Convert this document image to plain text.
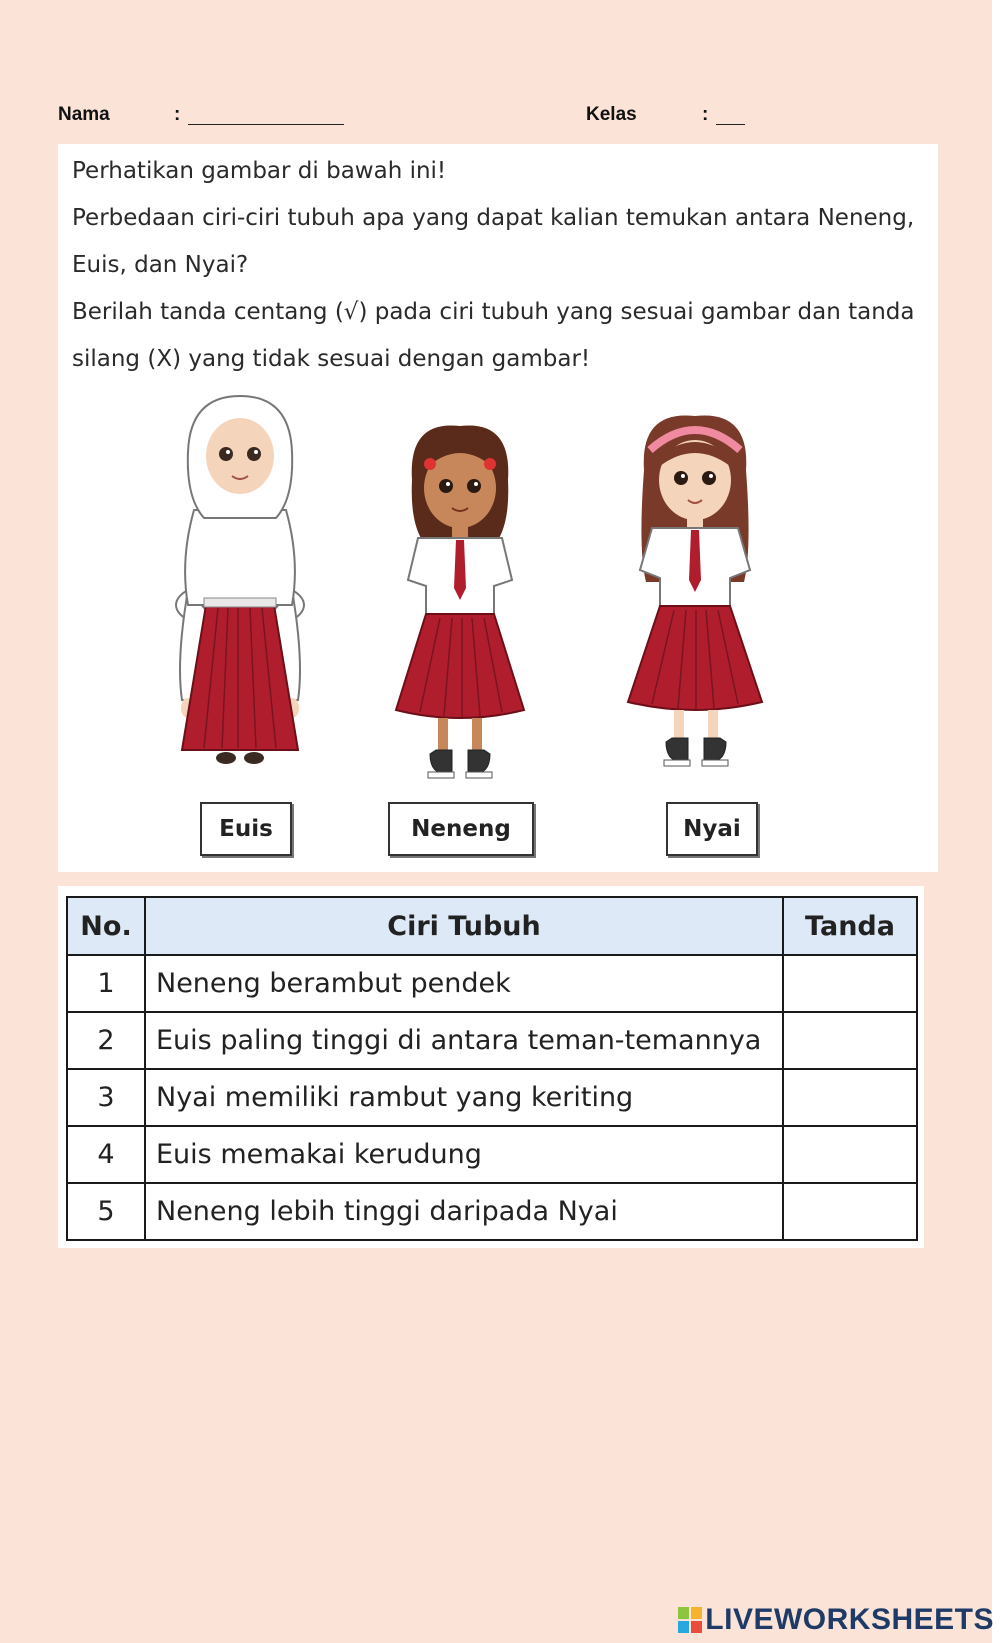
Nama	:	Kelas	:

Perhatikan gambar di bawah ini!

Perbedaan ciri-ciri tubuh apa yang dapat kalian temukan antara Neneng, Euis, dan Nyai?

Berilah tanda centang (√) pada ciri tubuh yang sesuai gambar dan tanda silang (X) yang tidak sesuai dengan gambar!

Euis	Neneng	Nyai
No.	Ciri Tubuh	Tanda
1	Neneng berambut pendek	
2	Euis paling tinggi di antara teman-temannya	
3	Nyai memiliki rambut yang keriting	
4	Euis memakai kerudung	
5	Neneng lebih tinggi daripada Nyai	
LIVEWORKSHEETS
